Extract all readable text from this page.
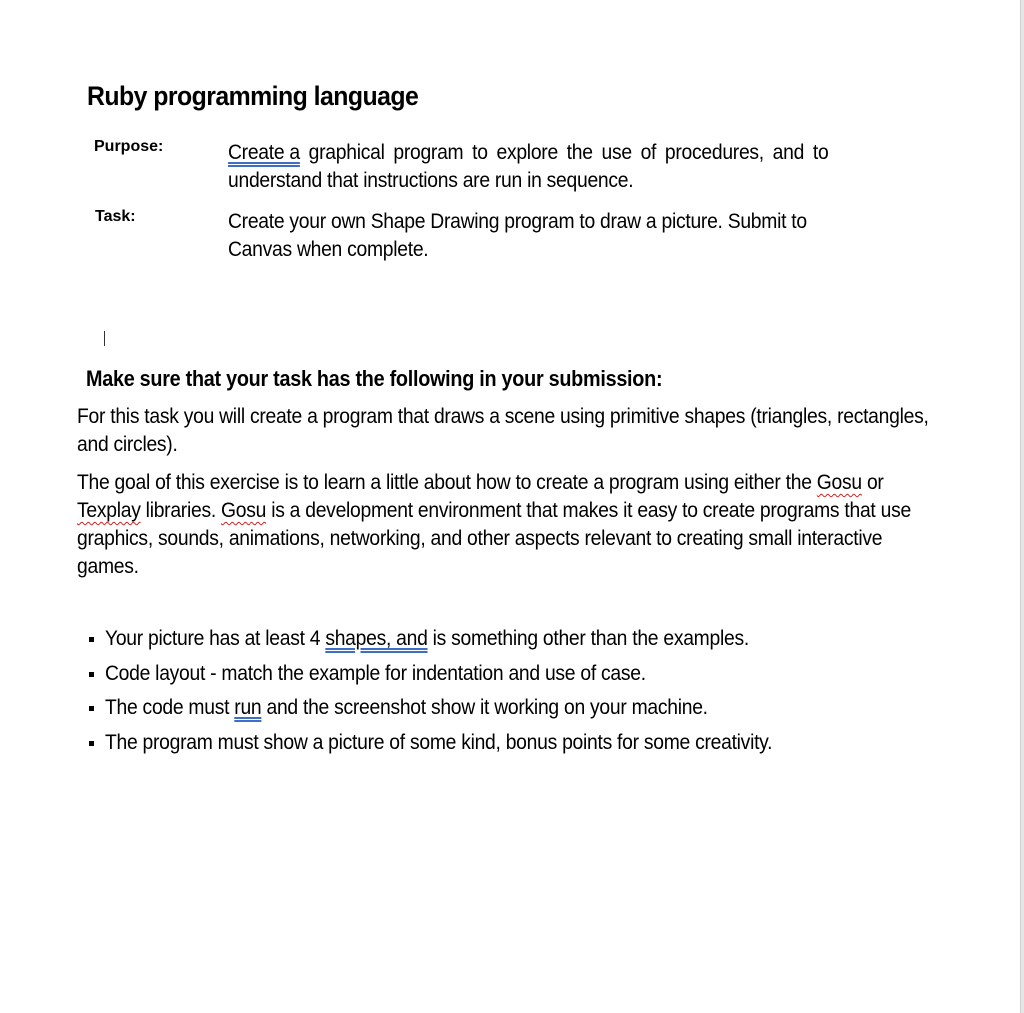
Ruby programming language
Purpose:	Create a graphical program to explore the use of procedures, and to
understand that instructions are run in sequence.
Task:	Create your own Shape Drawing program to draw a picture. Submit to
Canvas when complete.
Make sure that your task has the following in your submission:
For this task you will create a program that draws a scene using primitive shapes (triangles, rectangles,
and circles).
The goal of this exercise is to learn a little about how to create a program using either the Gosu or
Texplay libraries. Gosu is a development environment that makes it easy to create programs that use
graphics, sounds, animations, networking, and other aspects relevant to creating small interactive
games.
Your picture has at least 4 shapes, and is something other than the examples.
Code layout - match the example for indentation and use of case.
The code must run and the screenshot show it working on your machine.
The program must show a picture of some kind, bonus points for some creativity.
